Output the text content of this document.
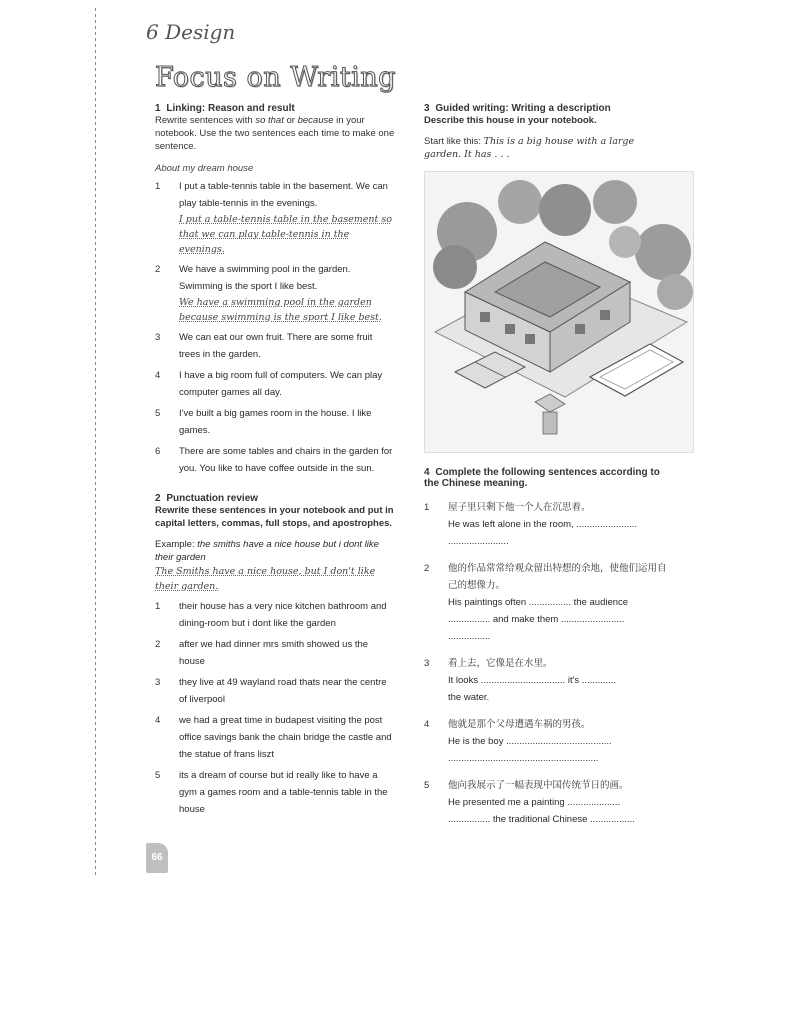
6 Design
Focus on Writing
1 Linking: Reason and result
Rewrite sentences with so that or because in your notebook. Use the two sentences each time to make one sentence.
About my dream house
1	I put a table-tennis table in the basement. We can play table-tennis in the evenings.
I put a table-tennis table in the basement so that we can play table-tennis in the evenings.
2	We have a swimming pool in the garden. Swimming is the sport I like best.
We have a swimming pool in the garden because swimming is the sport I like best.
3	We can eat our own fruit. There are some fruit trees in the garden.
4	I have a big room full of computers. We can play computer games all day.
5	I've built a big games room in the house. I like games.
6	There are some tables and chairs in the garden for you. You like to have coffee outside in the sun.
2 Punctuation review
Rewrite these sentences in your notebook and put in capital letters, commas, full stops, and apostrophes.
Example: the smiths have a nice house but i dont like their garden
The Smiths have a nice house, but I don't like their garden.
1	their house has a very nice kitchen bathroom and dining-room but i dont like the garden
2	after we had dinner mrs smith showed us the house
3	they live at 49 wayland road thats near the centre of liverpool
4	we had a great time in budapest visiting the post office savings bank the chain bridge the castle and the statue of frans liszt
5	its a dream of course but id really like to have a gym a games room and a table-tennis table in the house
3 Guided writing: Writing a description
Describe this house in your notebook.
Start like this: This is a big house with a large garden. It has . . .
4 Complete the following sentences according to the Chinese meaning.
1	屋子里只剩下他一个人在沉思着。
He was left alone in the room, .......................
.......................
2	他的作品常常给观众留出特想的余地，使他们运用自己的想像力。
His paintings often ................ the audience
................ and make them ........................
................
3	看上去，它像是在水里。
It looks ................................ it's .............
the water.
4	他就是那个父母遭遇车祸的男孩。
He is the boy ........................................
.........................................................
5	他向我展示了一幅表现中国传统节日的画。
He presented me a painting ....................
................ the traditional Chinese .................
66
